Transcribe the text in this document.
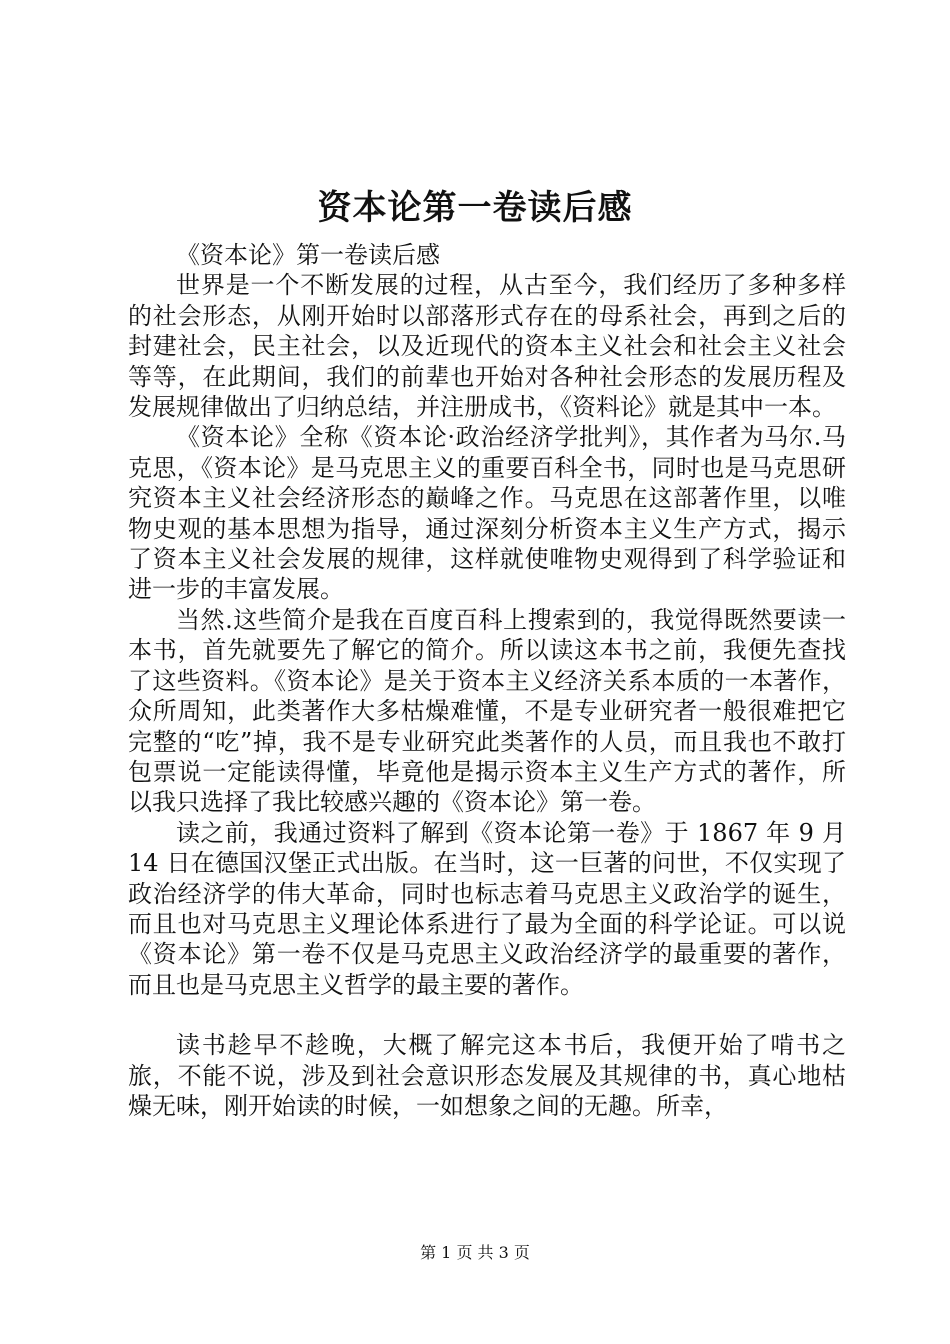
资本论第一卷读后感

《资本论》第一卷读后感

世界是一个不断发展的过程，从古至今，我们经历了多种多样的社会形态，从刚开始时以部落形式存在的母系社会，再到之后的封建社会，民主社会，以及近现代的资本主义社会和社会主义社会等等，在此期间，我们的前辈也开始对各种社会形态的发展历程及发展规律做出了归纳总结，并注册成书，《资料论》就是其中一本。

《资本论》全称《资本论·政治经济学批判》，其作者为马尔.马克思，《资本论》是马克思主义的重要百科全书，同时也是马克思研究资本主义社会经济形态的巅峰之作。马克思在这部著作里，以唯物史观的基本思想为指导，通过深刻分析资本主义生产方式，揭示了资本主义社会发展的规律，这样就使唯物史观得到了科学验证和进一步的丰富发展。

当然.这些简介是我在百度百科上搜索到的，我觉得既然要读一本书，首先就要先了解它的简介。所以读这本书之前，我便先查找了这些资料。《资本论》是关于资本主义经济关系本质的一本著作，众所周知，此类著作大多枯燥难懂，不是专业研究者一般很难把它完整的“吃”掉，我不是专业研究此类著作的人员，而且我也不敢打包票说一定能读得懂，毕竟他是揭示资本主义生产方式的著作，所以我只选择了我比较感兴趣的《资本论》第一卷。

读之前，我通过资料了解到《资本论第一卷》于 1867 年 9 月 14 日在德国汉堡正式出版。在当时，这一巨著的问世，不仅实现了政治经济学的伟大革命，同时也标志着马克思主义政治学的诞生，而且也对马克思主义理论体系进行了最为全面的科学论证。可以说《资本论》第一卷不仅是马克思主义政治经济学的最重要的著作，而且也是马克思主义哲学的最主要的著作。

读书趁早不趁晚，大概了解完这本书后，我便开始了啃书之旅，不能不说，涉及到社会意识形态发展及其规律的书，真心地枯燥无味，刚开始读的时候，一如想象之间的无趣。所幸，

第 1 页 共 3 页
